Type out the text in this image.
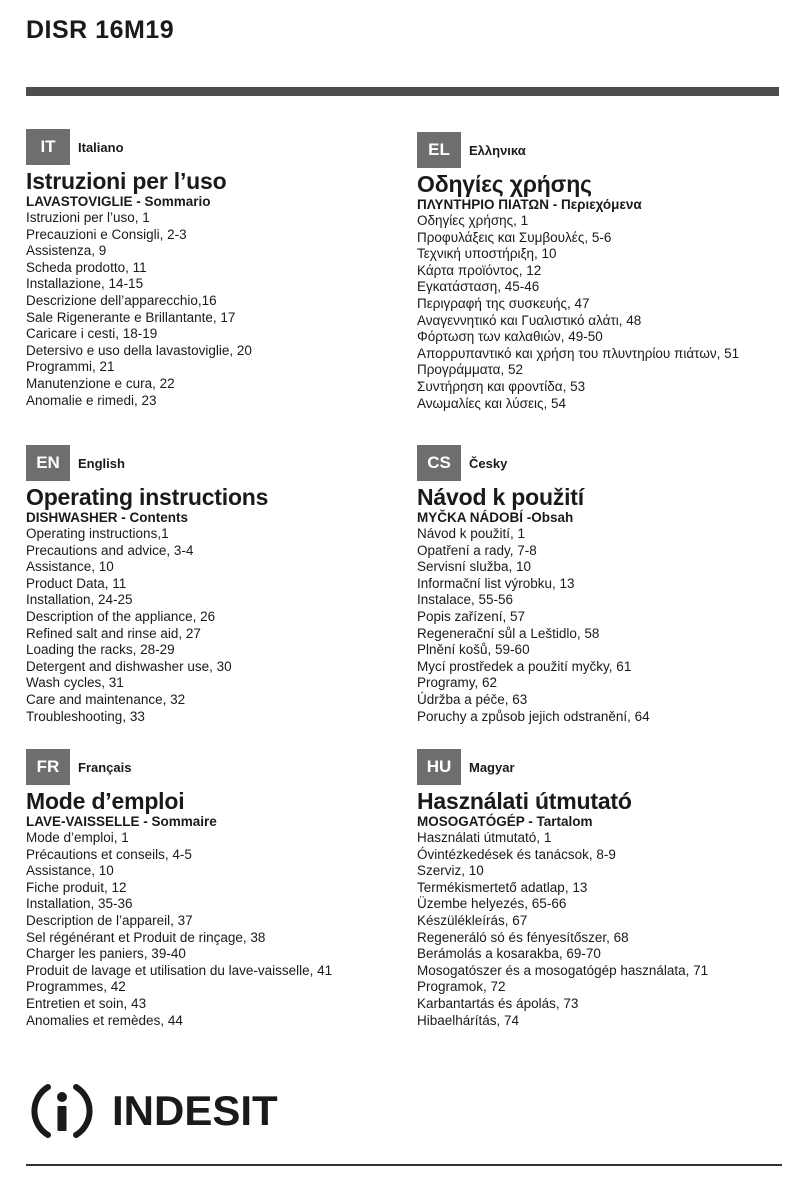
DISR 16M19
IT	Italiano
Istruzioni per l’uso

LAVASTOVIGLIE - Sommario

Istruzioni per l’uso, 1
Precauzioni e Consigli, 2-3
Assistenza, 9
Scheda prodotto, 11
Installazione, 14-15
Descrizione dell’apparecchio,16
Sale Rigenerante e Brillantante, 17
Caricare i cesti, 18-19
Detersivo e uso della lavastoviglie, 20
Programmi, 21
Manutenzione e cura, 22
Anomalie e rimedi, 23
EL	Ελληνικα
Οδηγίες χρήσης

ΠΛΥΝΤΗΡΙΟ ΠΙΑΤΩΝ - Περιεχόμενα

Οδηγίες χρήσης, 1
Προφυλάξεις και Συμβουλές, 5-6
Τεχνική υποστήριξη, 10
Κάρτα προϊόντος, 12
Εγκατάσταση, 45-46
Περιγραφή της συσκευής, 47
Αναγεννητικό και Γυαλιστικό αλάτι, 48
Φόρτωση των καλαθιών, 49-50
Απορρυπαντικό και χρήση του πλυντηρίου πιάτων, 51
Προγράμματα, 52
Συντήρηση και φροντίδα, 53
Ανωμαλίες και λύσεις, 54
EN	English
Operating instructions

DISHWASHER - Contents

Operating instructions,1
Precautions and advice, 3-4
Assistance, 10
Product Data, 11
Installation, 24-25
Description of the appliance, 26
Refined salt and rinse aid, 27
Loading the racks, 28-29
Detergent and dishwasher use, 30
Wash cycles, 31
Care and maintenance, 32
Troubleshooting, 33
CS	Česky
Návod k použití

MYČKA NÁDOBÍ -Obsah

Návod k použití, 1
Opatření a rady, 7-8
Servisní služba, 10
Informační list výrobku, 13
Instalace, 55-56
Popis zařízení, 57
Regenerační sůl a Leštidlo, 58
Plnění košů, 59-60
Mycí prostředek a použití myčky, 61
Programy, 62
Údržba a péče, 63
Poruchy a způsob jejich odstranění, 64
FR	Français
Mode d’emploi

LAVE-VAISSELLE - Sommaire

Mode d’emploi, 1
Précautions et conseils, 4-5
Assistance, 10
Fiche produit, 12
Installation, 35-36
Description de l’appareil, 37
Sel régénérant et Produit de rinçage, 38
Charger les paniers, 39-40
Produit de lavage et utilisation du lave-vaisselle, 41
Programmes, 42
Entretien et soin, 43
Anomalies et remèdes, 44
HU	Magyar
Használati útmutató

MOSOGATÓGÉP - Tartalom

Használati útmutató, 1
Óvintézkedések és tanácsok, 8-9
Szerviz, 10
Termékismertető adatlap, 13
Üzembe helyezés, 65-66
Készülékleírás, 67
Regeneráló só és fényesítőszer, 68
Berámolás a kosarakba, 69-70
Mosogatószer és a mosogatógép használata, 71
Programok, 72
Karbantartás és ápolás, 73
Hibaelhárítás, 74
INDESIT
